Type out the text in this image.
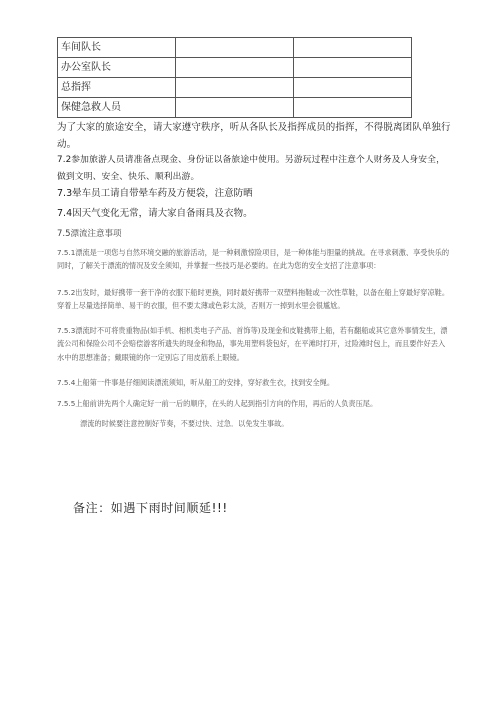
车间队长		
办公室队长		
总指挥		
保健急救人员		

为了大家的旅途安全，请大家遵守秩序，听从各队长及指挥成员的指挥，不得脱离团队单独行动。

7.2参加旅游人员请准备点现金、身份证以备旅途中使用。另游玩过程中注意个人财务及人身安全，做到文明、安全、快乐、顺利出游。

7.3晕车员工请自带晕车药及方便袋，注意防晒

7.4因天气变化无常，请大家自备雨具及衣物。

7.5漂流注意事项

7.5.1漂流是一项您与自然环境交融的旅游活动，是一种刺激惊险项目，是一种体能与胆量的挑战。在寻求刺激、享受快乐的同时，了解关于漂流的情况及安全须知，并掌握一些技巧是必要的。在此为您的安全支招了注意事项：

7.5.2出发时，最好携带一套干净的衣服下船时更换，同时最好携带一双塑料拖鞋或一次性草鞋，以备在船上穿最好穿凉鞋。穿着上尽量选择简单、易干的衣服，但不要太薄或色彩太淡，否则万一掉到水里会很尴尬。

7.5.3漂流时不可将贵重物品(如手机、相机类电子产品、首饰等)及现金和皮鞋携带上船，若有翻船或其它意外事情发生，漂流公司和保险公司不会赔偿游客所遗失的现金和物品，事先用塑料袋包好，在平滩时打开，过险滩时包上，而且要作好丢入水中的思想准备；戴眼镜的你一定别忘了用皮筋系上眼镜。

7.5.4上船第一件事是仔细阅读漂流须知，听从船工的安排，穿好救生衣，找到安全绳。

7.5.5上船前讲先两个人确定好一前一后的顺序，在头的人起到指引方向的作用，再后的人负责压尾。

漂流的时候要注意控制好节奏，不要过快、过急．以免发生事故。

备注：如遇下雨时间顺延!!!
